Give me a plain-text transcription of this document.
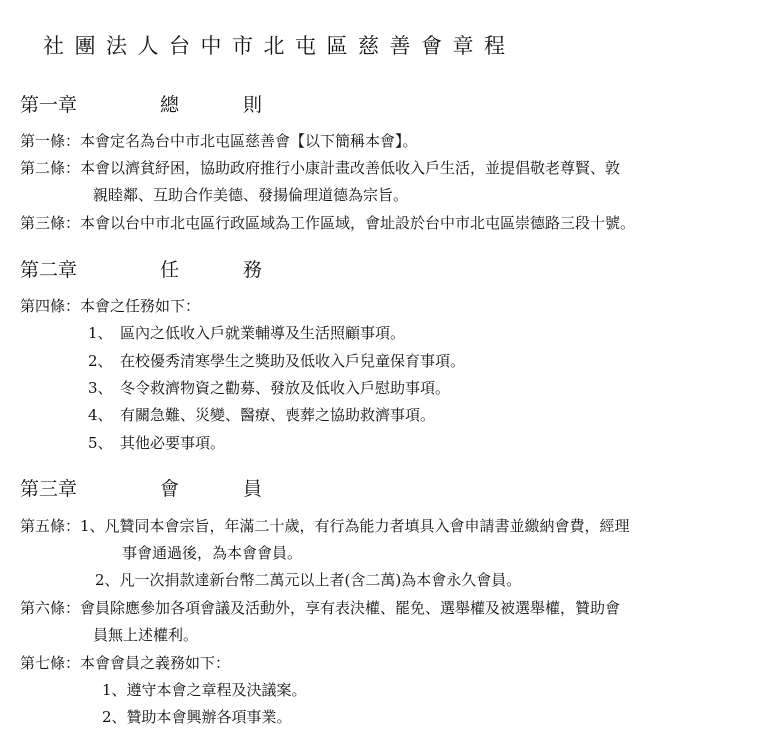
社團法人台中市北屯區慈善會章程
第一章	總則
第一條：本會定名為台中市北屯區慈善會【以下簡稱本會】。
第二條：本會以濟貧紓困，協助政府推行小康計畫改善低收入戶生活，並提倡敬老尊賢、敦
親睦鄰、互助合作美德、發揚倫理道德為宗旨。
第三條：本會以台中市北屯區行政區域為工作區域，會址設於台中市北屯區崇德路三段十號。
第二章	任務
第四條：本會之任務如下：
1、　區內之低收入戶就業輔導及生活照顧事項。
2、　在校優秀清寒學生之獎助及低收入戶兒童保育事項。
3、　冬令救濟物資之勸募、發放及低收入戶慰助事項。
4、　有關急難、災變、醫療、喪葬之協助救濟事項。
5、　其他必要事項。
第三章	會員
第五條：1、凡贊同本會宗旨，年滿二十歲，有行為能力者填具入會申請書並繳納會費，經理
事會通過後，為本會會員。
2、凡一次捐款達新台幣二萬元以上者(含二萬)為本會永久會員。
第六條：會員除應參加各項會議及活動外，享有表決權、罷免、選舉權及被選舉權，贊助會
員無上述權利。
第七條：本會會員之義務如下：
1、遵守本會之章程及決議案。
2、贊助本會興辦各項事業。
